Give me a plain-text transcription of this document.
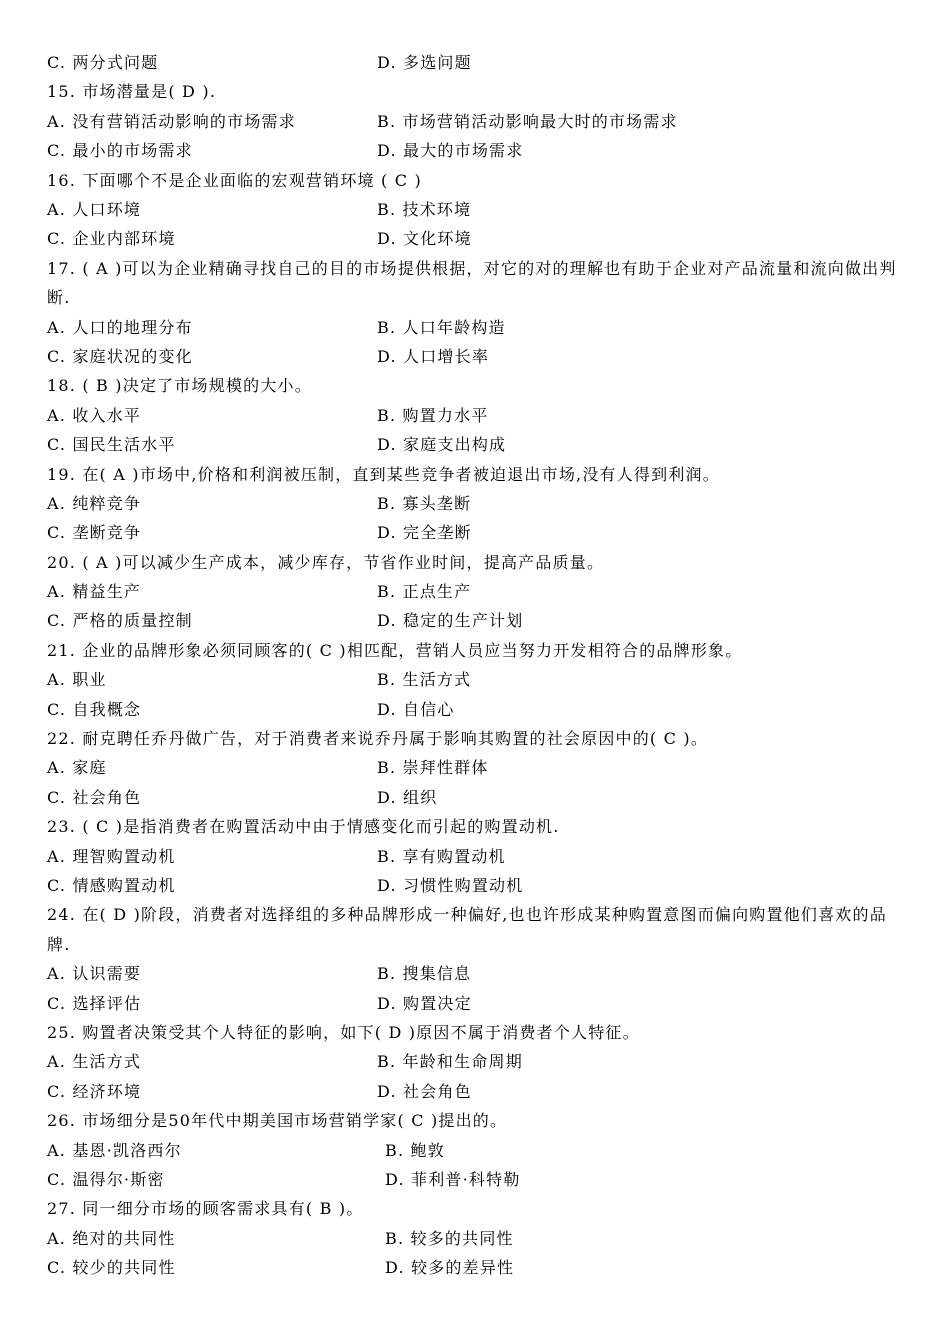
C. 两分式问题	D. 多选问题
15. 市场潜量是( D ).
A. 没有营销活动影响的市场需求	B. 市场营销活动影响最大时的市场需求
C. 最小的市场需求	D. 最大的市场需求
16. 下面哪个不是企业面临的宏观营销环境 ( C )
A. 人口环境	B. 技术环境
C. 企业内部环境	D. 文化环境
17. ( A )可以为企业精确寻找自己的目的市场提供根据，对它的对的理解也有助于企业对产品流量和流向做出判断.
A. 人口的地理分布	B. 人口年龄构造
C. 家庭状况的变化	D. 人口增长率
18. ( B )决定了市场规模的大小。
A. 收入水平	B. 购置力水平
C. 国民生活水平	D. 家庭支出构成
19. 在( A )市场中,价格和利润被压制，直到某些竞争者被迫退出市场,没有人得到利润。
A. 纯粹竞争	B. 寡头垄断
C. 垄断竞争	D. 完全垄断
20. ( A )可以减少生产成本，减少库存，节省作业时间，提高产品质量。
A. 精益生产	B. 正点生产
C. 严格的质量控制	D. 稳定的生产计划
21. 企业的品牌形象必须同顾客的( C )相匹配，营销人员应当努力开发相符合的品牌形象。
A. 职业	B. 生活方式
C. 自我概念	D. 自信心
22. 耐克聘任乔丹做广告，对于消费者来说乔丹属于影响其购置的社会原因中的( C )。
A. 家庭	B. 崇拜性群体
C. 社会角色	D. 组织
23. ( C )是指消费者在购置活动中由于情感变化而引起的购置动机.
A. 理智购置动机	B. 享有购置动机
C. 情感购置动机	D. 习惯性购置动机
24. 在( D )阶段，消费者对选择组的多种品牌形成一种偏好,也也许形成某种购置意图而偏向购置他们喜欢的品牌.
A. 认识需要	B. 搜集信息
C. 选择评估	D. 购置决定
25. 购置者决策受其个人特征的影响，如下( D )原因不属于消费者个人特征。
A. 生活方式	B. 年龄和生命周期
C. 经济环境	D. 社会角色
26. 市场细分是50年代中期美国市场营销学家( C )提出的。
A. 基恩·凯洛西尔	B. 鲍敦
C. 温得尔·斯密	D. 菲利普·科特勒
27. 同一细分市场的顾客需求具有( B )。
A. 绝对的共同性	B. 较多的共同性
C. 较少的共同性	D. 较多的差异性
